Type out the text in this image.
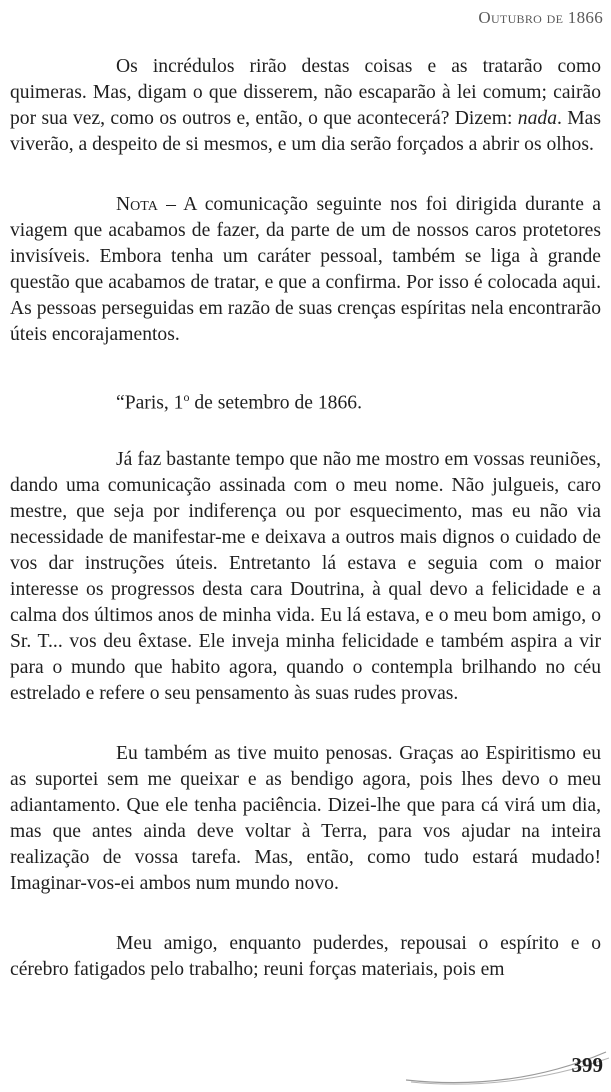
Outubro de 1866

Os incrédulos rirão destas coisas e as tratarão como quimeras. Mas, digam o que disserem, não escaparão à lei comum; cairão por sua vez, como os outros e, então, o que acontecerá? Dizem: nada. Mas viverão, a despeito de si mesmos, e um dia serão forçados a abrir os olhos.

Nota – A comunicação seguinte nos foi dirigida durante a viagem que acabamos de fazer, da parte de um de nossos caros protetores invisíveis. Embora tenha um caráter pessoal, também se liga à grande questão que acabamos de tratar, e que a confirma. Por isso é colocada aqui. As pessoas perseguidas em razão de suas crenças espíritas nela encontrarão úteis encorajamentos.

“Paris, 1$^o$ de setembro de 1866.

Já faz bastante tempo que não me mostro em vossas reuniões, dando uma comunicação assinada com o meu nome. Não julgueis, caro mestre, que seja por indiferença ou por esquecimento, mas eu não via necessidade de manifestar-me e deixava a outros mais dignos o cuidado de vos dar instruções úteis. Entretanto lá estava e seguia com o maior interesse os progressos desta cara Doutrina, à qual devo a felicidade e a calma dos últimos anos de minha vida. Eu lá estava, e o meu bom amigo, o Sr. T... vos deu êxtase. Ele inveja minha felicidade e também aspira a vir para o mundo que habito agora, quando o contempla brilhando no céu estrelado e refere o seu pensamento às suas rudes provas.

Eu também as tive muito penosas. Graças ao Espiritismo eu as suportei sem me queixar e as bendigo agora, pois lhes devo o meu adiantamento. Que ele tenha paciência. Dizei-lhe que para cá virá um dia, mas que antes ainda deve voltar à Terra, para vos ajudar na inteira realização de vossa tarefa. Mas, então, como tudo estará mudado! Imaginar-vos-ei ambos num mundo novo.

Meu amigo, enquanto puderdes, repousai o espírito e o cérebro fatigados pelo trabalho; reuni forças materiais, pois em

399
